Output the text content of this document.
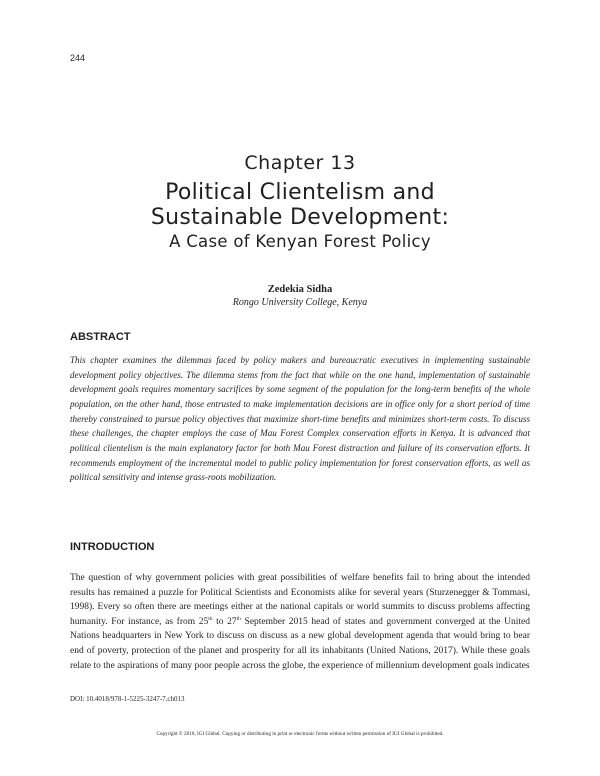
244
Chapter 13
Political Clientelism and
Sustainable Development:
A Case of Kenyan Forest Policy
Zedekia Sidha
Rongo University College, Kenya
ABSTRACT
This chapter examines the dilemmas faced by policy makers and bureaucratic executives in implementing sustainable development policy objectives. The dilemma stems from the fact that while on the one hand, implementation of sustainable development goals requires momentary sacrifices by some segment of the population for the long-term benefits of the whole population, on the other hand, those entrusted to make implementation decisions are in office only for a short period of time thereby constrained to pursue policy objectives that maximize short-time benefits and minimizes short-term costs. To discuss these challenges, the chapter employs the case of Mau Forest Complex conservation efforts in Kenya. It is advanced that political clientelism is the main explanatory factor for both Mau Forest distraction and failure of its conservation efforts. It recommends employment of the incremental model to public policy implementation for forest conservation efforts, as well as political sensitivity and intense grass-roots mobilization.
INTRODUCTION
The question of why government policies with great possibilities of welfare benefits fail to bring about the intended results has remained a puzzle for Political Scientists and Economists alike for several years (Sturzenegger & Tommasi, 1998). Every so often there are meetings either at the national capitals or world summits to discuss problems affecting humanity. For instance, as from 25th to 27th September 2015 head of states and government converged at the United Nations headquarters in New York to discuss on discuss as a new global development agenda that would bring to bear end of poverty, protection of the planet and prosperity for all its inhabitants (United Nations, 2017). While these goals relate to the aspirations of many poor people across the globe, the experience of millennium development goals indicates
DOI: 10.4018/978-1-5225-3247-7.ch013
Copyright © 2018, IGI Global. Copying or distributing in print or electronic forms without written permission of IGI Global is prohibited.
